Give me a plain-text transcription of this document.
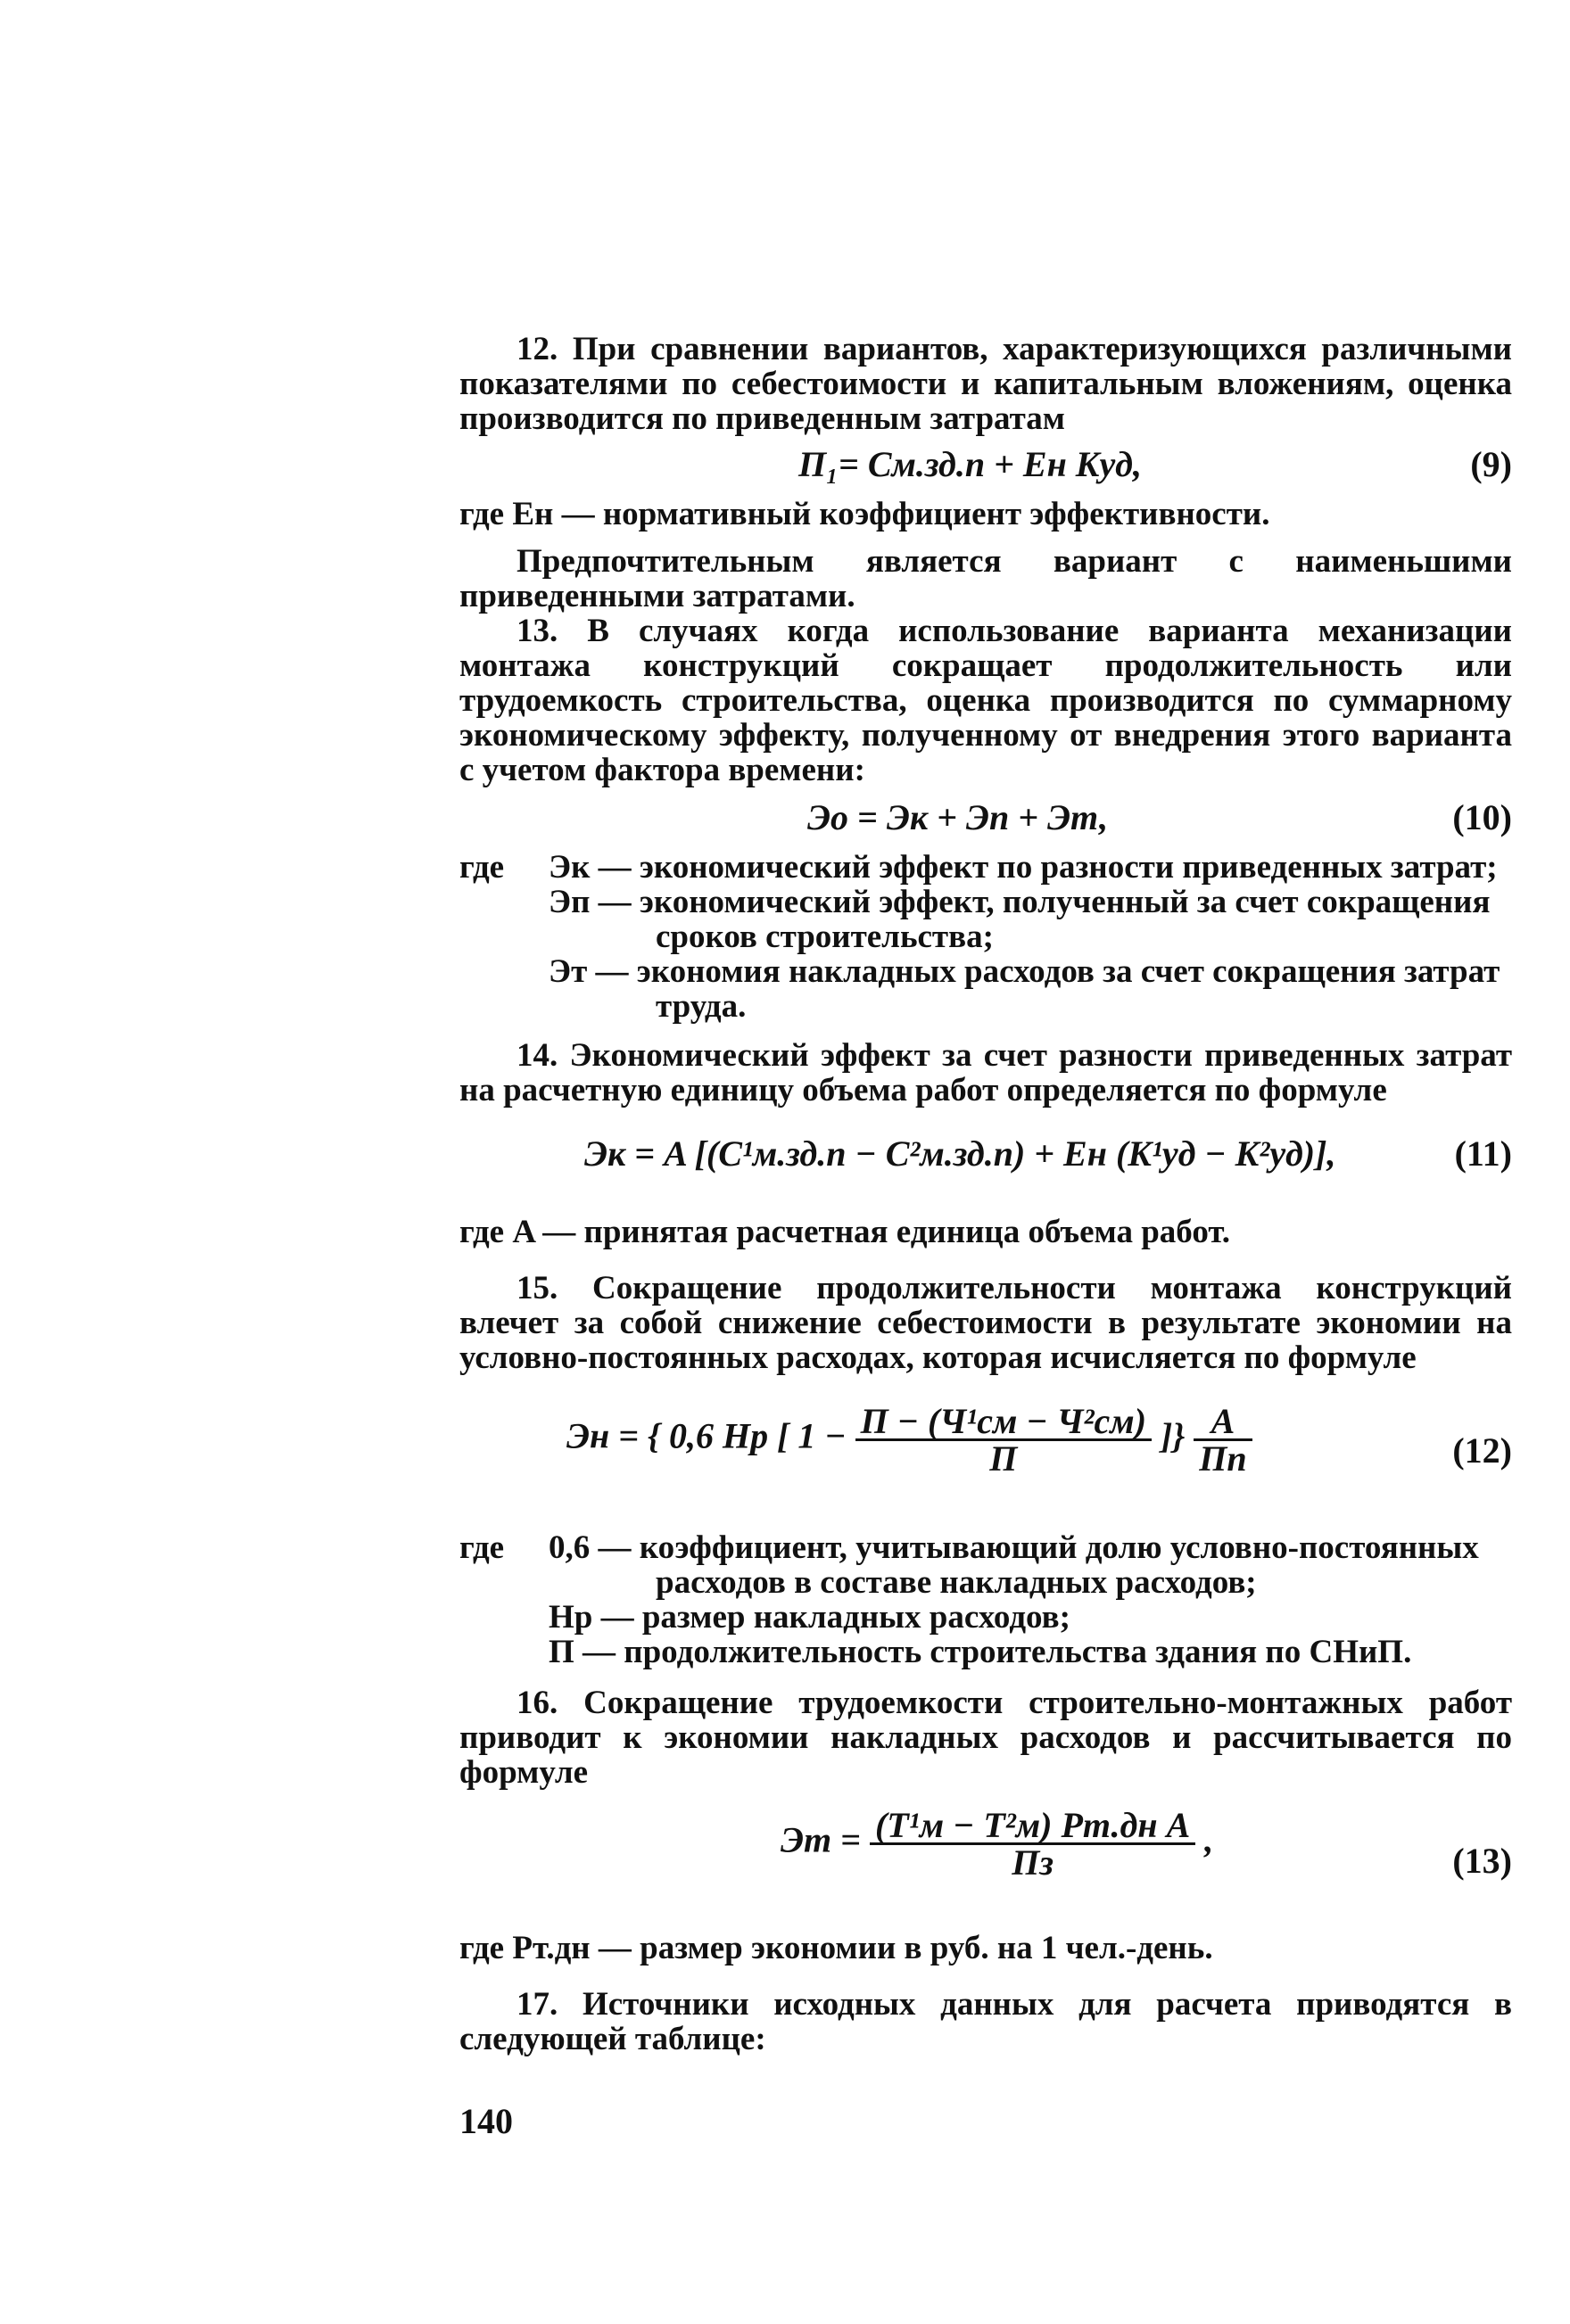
12. При сравнении вариантов, характеризующихся различными показателями по себестоимости и капитальным вложениям, оценка производится по приведенным затратам

П₁= Cм.зд.п + Eн Kуд,	(9)

где Eн — нормативный коэффициент эффективности.

Предпочтительным является вариант с наименьшими приведенными затратами.

13. В случаях когда использование варианта механизации монтажа конструкций сокращает продолжительность или трудоемкость строительства, оценка производится по суммарному экономическому эффекту, полученному от внедрения этого варианта с учетом фактора времени:

Эо = Эк + Эп + Эт,	(10)
где Эк — экономический эффект по разности приведенных затрат;
Эп — экономический эффект, полученный за счет сокращения сроков строительства;
Эт — экономия накладных расходов за счет сокращения затрат труда.

14. Экономический эффект за счет разности приведенных затрат на расчетную единицу объема работ определяется по формуле

Эк = A [(C¹м.зд.п − C²м.зд.п) + Eн (K¹уд − K²уд)],	(11)

где A — принятая расчетная единица объема работ.

15. Сокращение продолжительности монтажа конструкций влечет за собой снижение себестоимости в результате экономии на условно-постоянных расходах, которая исчисляется по формуле

Эн = { 0,6 Hр [ $1 - \frac{\text{П − (Ч¹см − Ч²см)}}{П}$ ]} $\frac{A}{Пп}$	(12)
где 0,6 — коэффициент, учитывающий долю условно-постоянных расходов в составе накладных расходов;
Hр — размер накладных расходов;
П — продолжительность строительства здания по СНиП.

16. Сокращение трудоемкости строительно-монтажных работ приводит к экономии накладных расходов и рассчитывается по формуле

Эт = $\frac{\text{(T¹м − T²м) Pт.дн A}}{Пз}$ ,
(13)

где Pт.дн — размер экономии в руб. на 1 чел.-день.

17. Источники исходных данных для расчета приводятся в следующей таблице:

140
